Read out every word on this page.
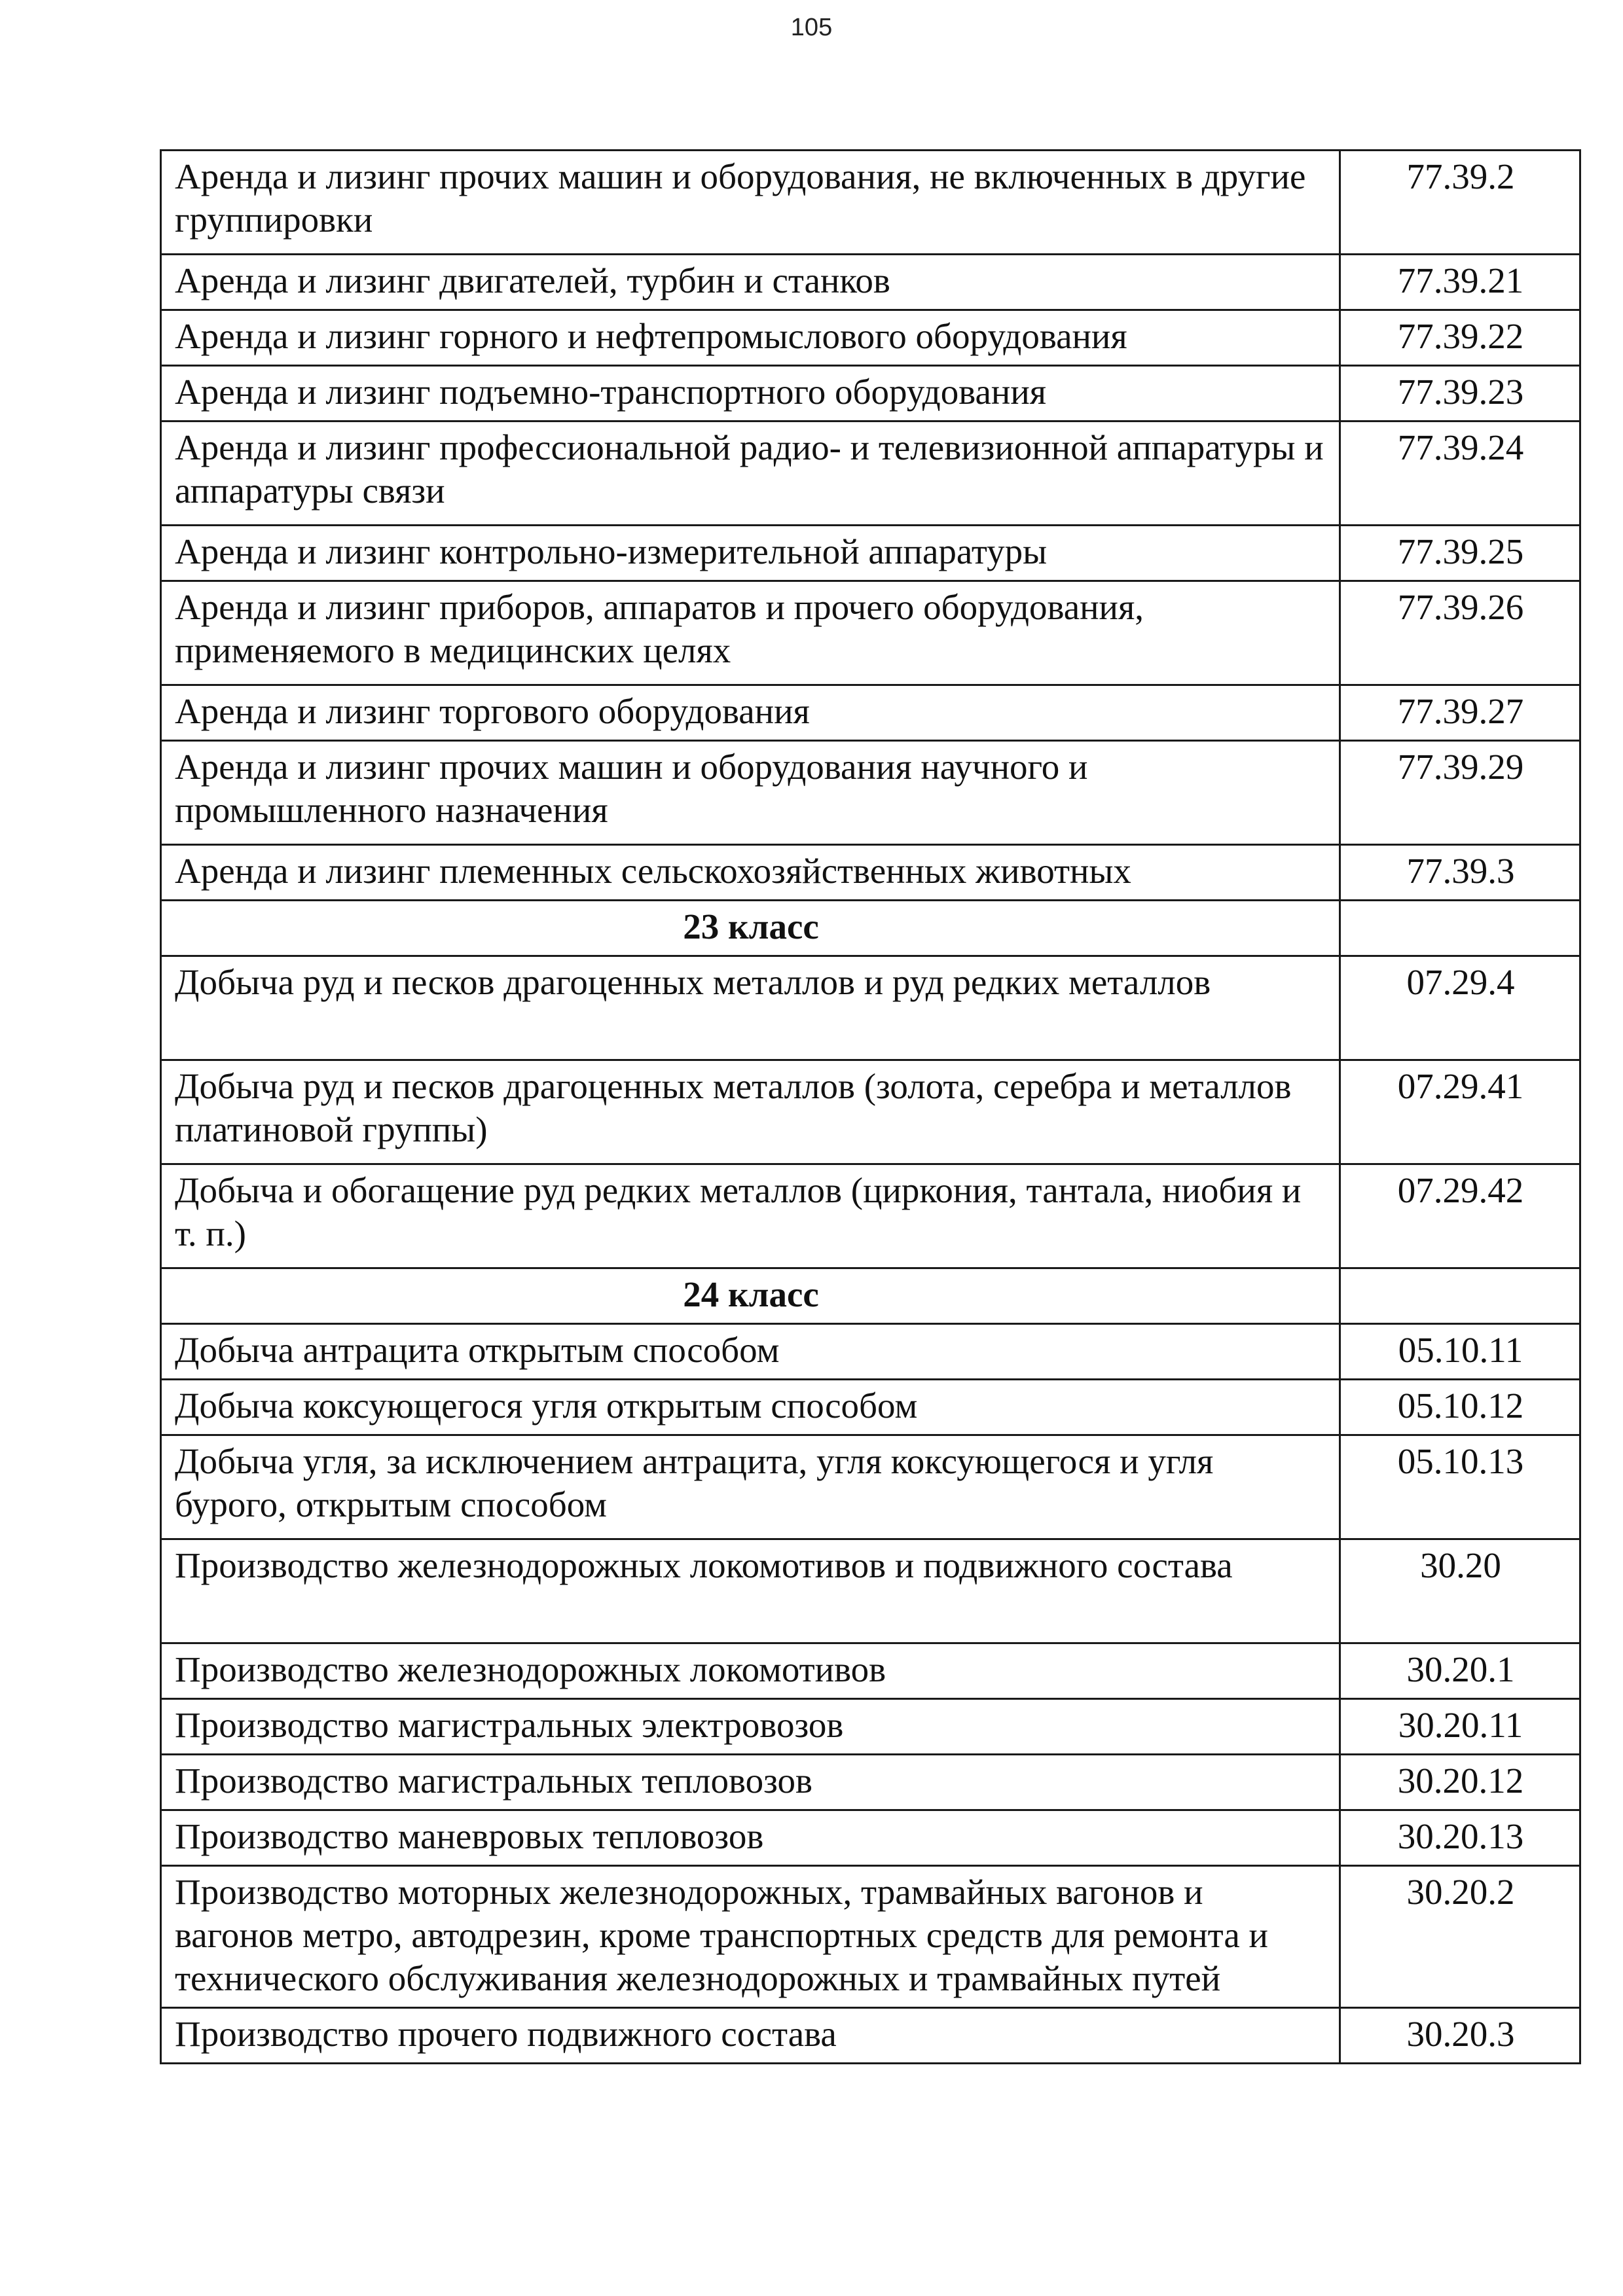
105
Аренда и лизинг прочих машин и оборудования, не включенных в другие группировки	77.39.2
Аренда и лизинг двигателей, турбин и станков	77.39.21
Аренда и лизинг горного и нефтепромыслового оборудования	77.39.22
Аренда и лизинг подъемно-транспортного оборудования	77.39.23
Аренда и лизинг профессиональной радио- и телевизионной аппаратуры и аппаратуры связи	77.39.24
Аренда и лизинг контрольно-измерительной аппаратуры	77.39.25
Аренда и лизинг приборов, аппаратов и прочего оборудования, применяемого в медицинских целях	77.39.26
Аренда и лизинг торгового оборудования	77.39.27
Аренда и лизинг прочих машин и оборудования научного и промышленного назначения	77.39.29
Аренда и лизинг племенных сельскохозяйственных животных	77.39.3
23 класс	
Добыча руд и песков драгоценных металлов и руд редких металлов	07.29.4
Добыча руд и песков драгоценных металлов (золота, серебра и металлов платиновой группы)	07.29.41
Добыча и обогащение руд редких металлов (циркония, тантала, ниобия и т. п.)	07.29.42
24 класс	
Добыча антрацита открытым способом	05.10.11
Добыча коксующегося угля открытым способом	05.10.12
Добыча угля, за исключением антрацита, угля коксующегося и угля бурого, открытым способом	05.10.13
Производство железнодорожных локомотивов и подвижного состава	30.20
Производство железнодорожных локомотивов	30.20.1
Производство магистральных электровозов	30.20.11
Производство магистральных тепловозов	30.20.12
Производство маневровых тепловозов	30.20.13
Производство моторных железнодорожных, трамвайных вагонов и вагонов метро, автодрезин, кроме транспортных средств для ремонта и технического обслуживания железнодорожных и трамвайных путей	30.20.2
Производство прочего подвижного состава	30.20.3
